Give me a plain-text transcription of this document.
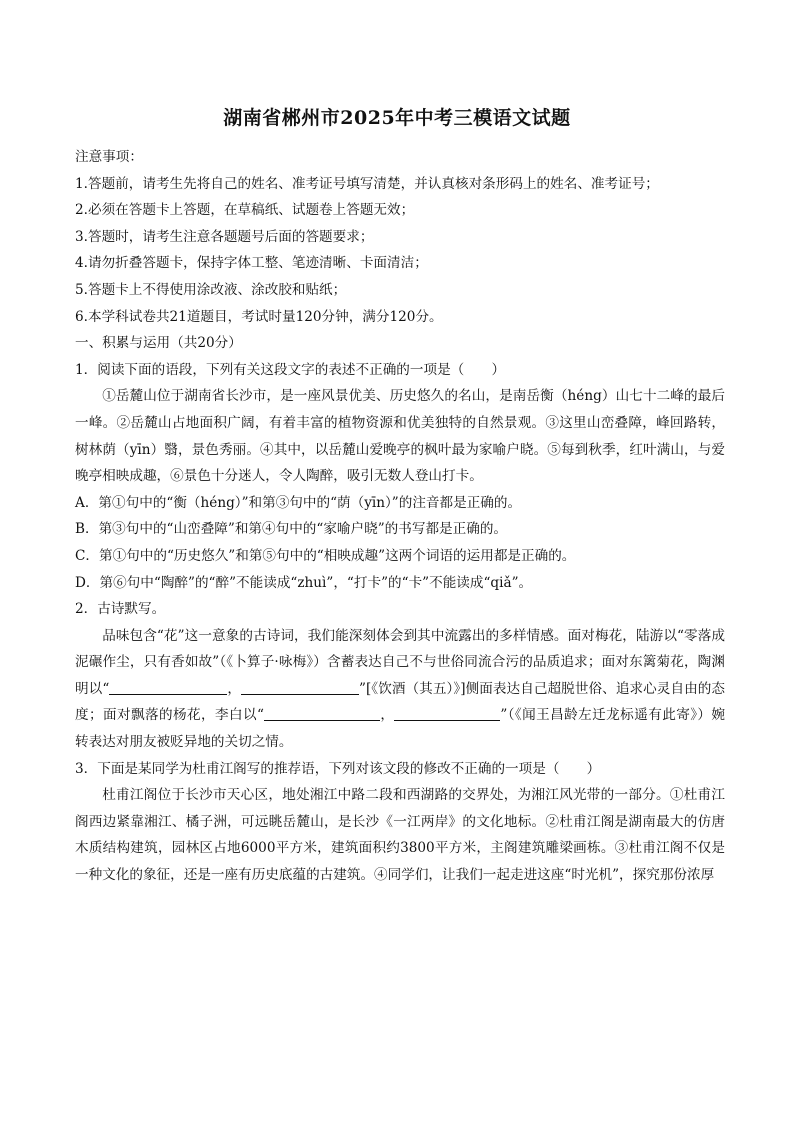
湖南省郴州市2025年中考三模语文试题
注意事项：
1.答题前，请考生先将自己的姓名、准考证号填写清楚，并认真核对条形码上的姓名、准考证号；
2.必须在答题卡上答题，在草稿纸、试题卷上答题无效；
3.答题时，请考生注意各题题号后面的答题要求；
4.请勿折叠答题卡，保持字体工整、笔迹清晰、卡面清洁；
5.答题卡上不得使用涂改液、涂改胶和贴纸；
6.本学科试卷共21道题目，考试时量120分钟，满分120分。
一、积累与运用（共20分）
1．阅读下面的语段，下列有关这段文字的表述不正确的一项是（　　）
①岳麓山位于湖南省长沙市，是一座风景优美、历史悠久的名山，是南岳衡（héng）山七十二峰的最后一峰。②岳麓山占地面积广阔，有着丰富的植物资源和优美独特的自然景观。③这里山峦叠障，峰回路转，树林荫（yīn）翳，景色秀丽。④其中，以岳麓山爱晚亭的枫叶最为家喻户晓。⑤每到秋季，红叶满山，与爱晚亭相映成趣，⑥景色十分迷人，令人陶醉，吸引无数人登山打卡。
A．第①句中的“衡（héng）”和第③句中的“荫（yīn）”的注音都是正确的。
B．第③句中的“山峦叠障”和第④句中的“家喻户晓”的书写都是正确的。
C．第①句中的“历史悠久”和第⑤句中的“相映成趣”这两个词语的运用都是正确的。
D．第⑥句中“陶醉”的“醉”不能读成“zhuì”，“打卡”的“卡”不能读成“qiǎ”。
2．古诗默写。
品味包含“花”这一意象的古诗词，我们能深刻体会到其中流露出的多样情感。面对梅花，陆游以“零落成泥碾作尘，只有香如故”（《卜算子·咏梅》）含蓄表达自己不与世俗同流合污的品质追求；面对东篱菊花，陶渊明以“	，	”[《饮酒（其五）》]侧面表达自己超脱世俗、追求心灵自由的态度；面对飘落的杨花，李白以“	，	”（《闻王昌龄左迁龙标遥有此寄》）婉转表达对朋友被贬异地的关切之情。
3．下面是某同学为杜甫江阁写的推荐语，下列对该文段的修改不正确的一项是（　　）
杜甫江阁位于长沙市天心区，地处湘江中路二段和西湖路的交界处，为湘江风光带的一部分。①杜甫江阁西边紧靠湘江、橘子洲，可远眺岳麓山，是长沙《一江两岸》的文化地标。②杜甫江阁是湖南最大的仿唐木质结构建筑，园林区占地6000平方米，建筑面积约3800平方米，主阁建筑雕梁画栋。③杜甫江阁不仅是一种文化的象征，还是一座有历史底蕴的古建筑。④同学们，让我们一起走进这座“时光机”，探究那份浓厚
